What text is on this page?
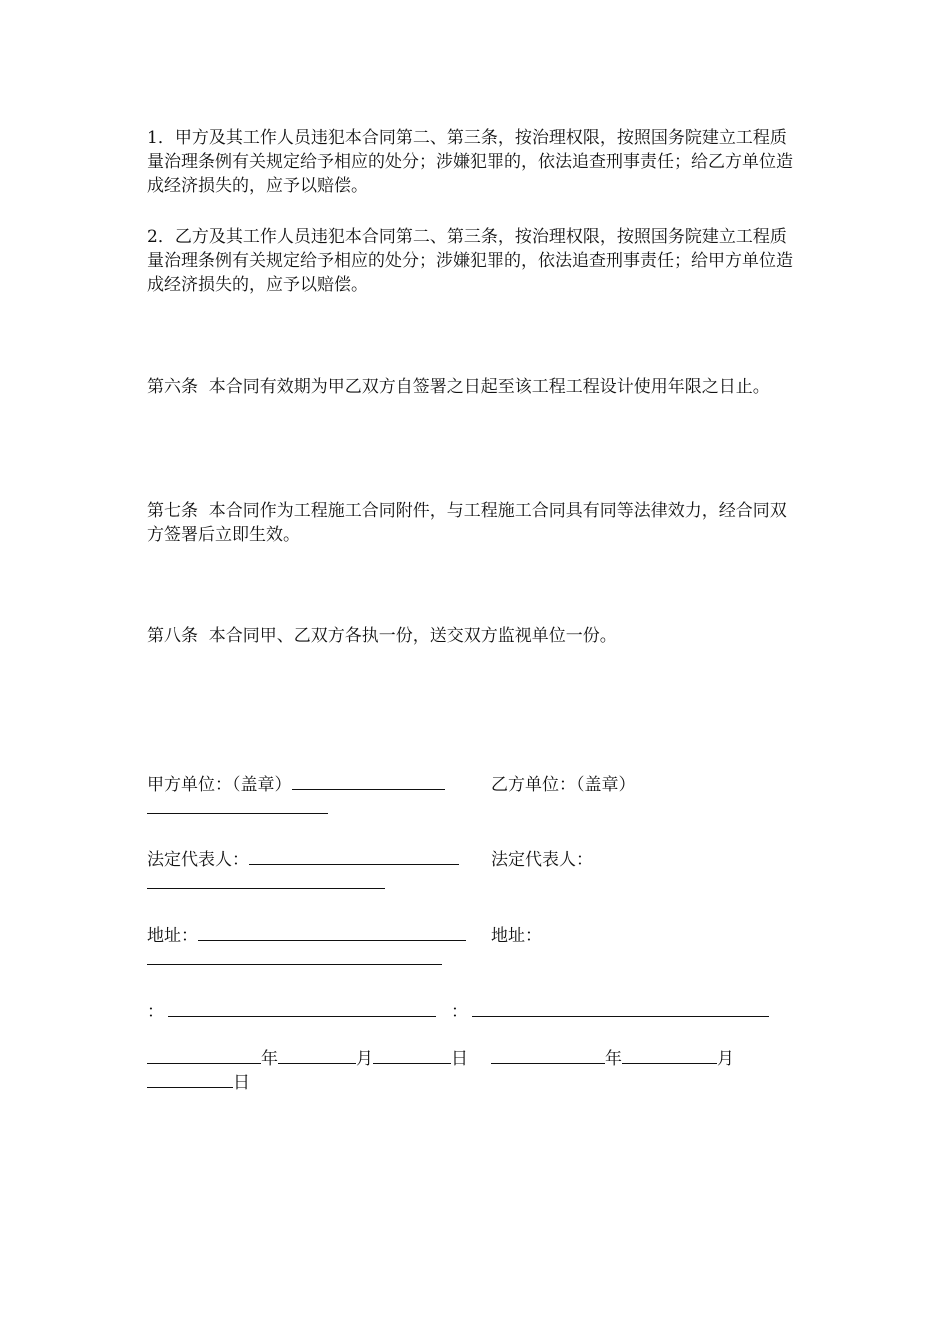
1．甲方及其工作人员违犯本合同第二、第三条，按治理权限，按照国务院建立工程质量治理条例有关规定给予相应的处分；涉嫌犯罪的，依法追查刑事责任；给乙方单位造成经济损失的，应予以赔偿。

2．乙方及其工作人员违犯本合同第二、第三条，按治理权限，按照国务院建立工程质量治理条例有关规定给予相应的处分；涉嫌犯罪的，依法追查刑事责任；给甲方单位造成经济损失的，应予以赔偿。

第六条  本合同有效期为甲乙双方自签署之日起至该工程工程设计使用年限之日止。

第七条  本合同作为工程施工合同附件，与工程施工合同具有同等法律效力，经合同双方签署后立即生效。

第八条  本合同甲、乙双方各执一份，送交双方监视单位一份。

甲方单位：（盖章）	乙方单位：（盖章）
法定代表人：	法定代表人：
地址：	地址：
：	：
年	月	日	年	月
日
